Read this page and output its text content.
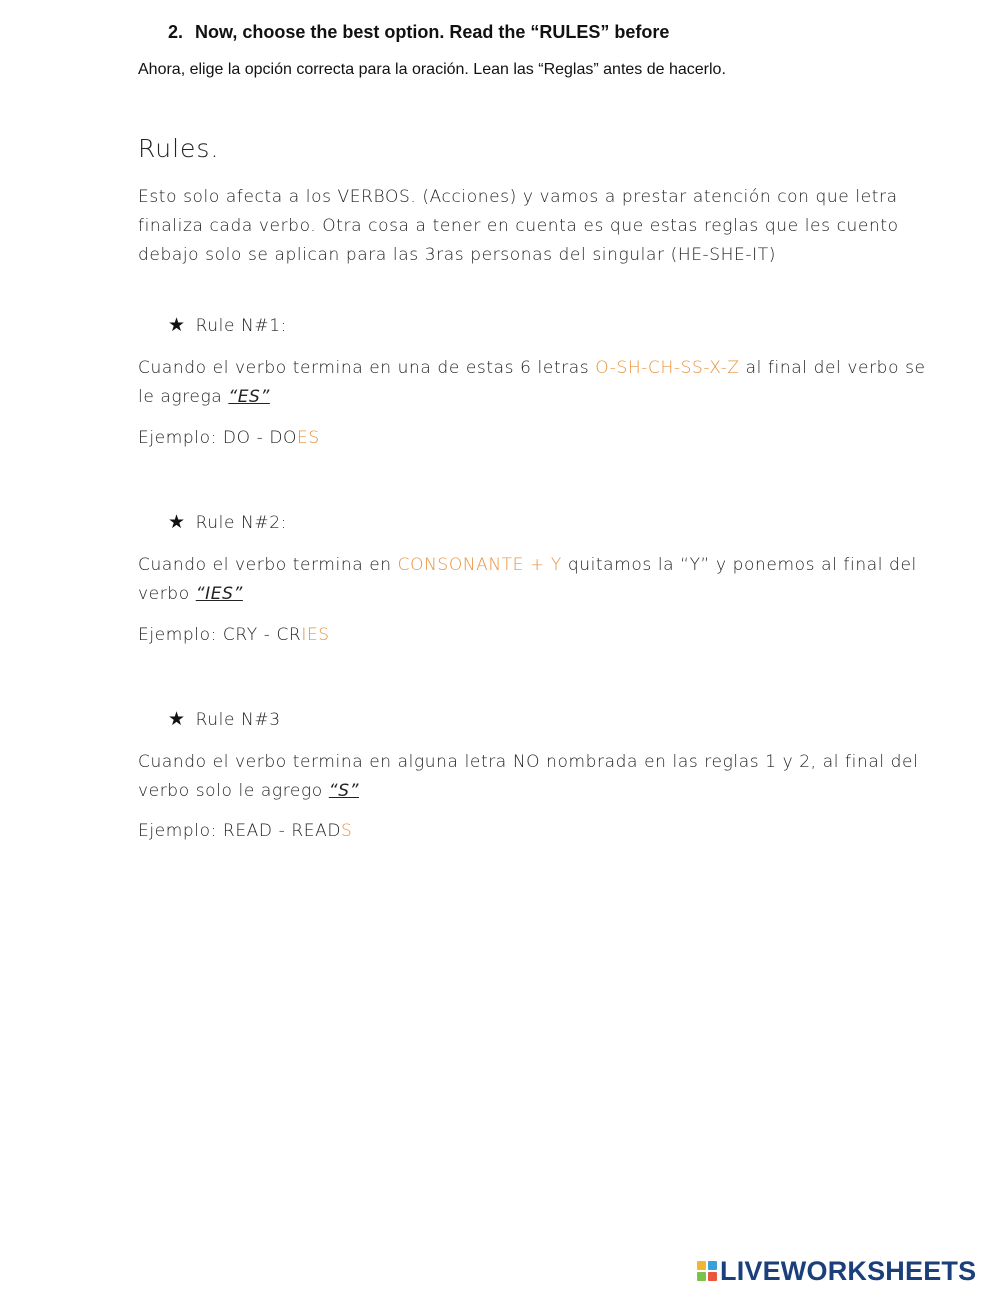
2. Now, choose the best option. Read the “RULES” before
Ahora, elige la opción correcta para la oración. Lean las “Reglas” antes de hacerlo.
Rules.
Esto solo afecta a los VERBOS. (Acciones) y vamos a prestar atención con que letra finaliza cada verbo. Otra cosa a tener en cuenta es que estas reglas que les cuento debajo solo se aplican para las 3ras personas del singular (HE-SHE-IT)
★ Rule N#1:
Cuando el verbo termina en una de estas 6 letras O-SH-CH-SS-X-Z al final del verbo se le agrega “ES”
Ejemplo: DO - DOES
★ Rule N#2:
Cuando el verbo termina en CONSONANTE + Y quitamos la “Y” y ponemos al final del verbo “IES”
Ejemplo: CRY - CRIES
★ Rule N#3
Cuando el verbo termina en alguna letra NO nombrada en las reglas 1 y 2, al final del verbo solo le agrego “S”
Ejemplo: READ - READS
LIVEWORKSHEETS
